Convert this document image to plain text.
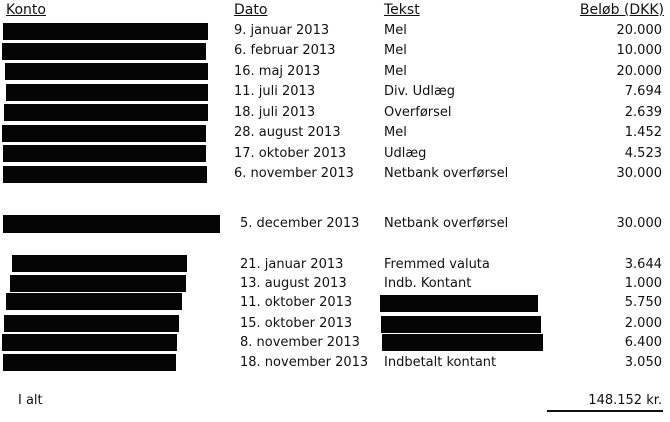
Konto	Dato	Tekst	Beløb (DKK)
9. januar 2013	Mel	20.000
6. februar 2013	Mel	10.000
16. maj 2013	Mel	20.000
11. juli 2013	Div. Udlæg	7.694
18. juli 2013	Overførsel	2.639
28. august 2013	Mel	1.452
17. oktober 2013	Udlæg	4.523
6. november 2013 Netbank overførsel	30.000
5. december 2013 Netbank overførsel	30.000
21. januar 2013	Fremmed valuta	3.644
13. august 2013	Indb. Kontant	1.000
11. oktober 2013	5.750
15. oktober 2013	2.000
8. november 2013	6.400
18. november 2013 Indbetalt kontant	3.050
I alt	148.152 kr.
